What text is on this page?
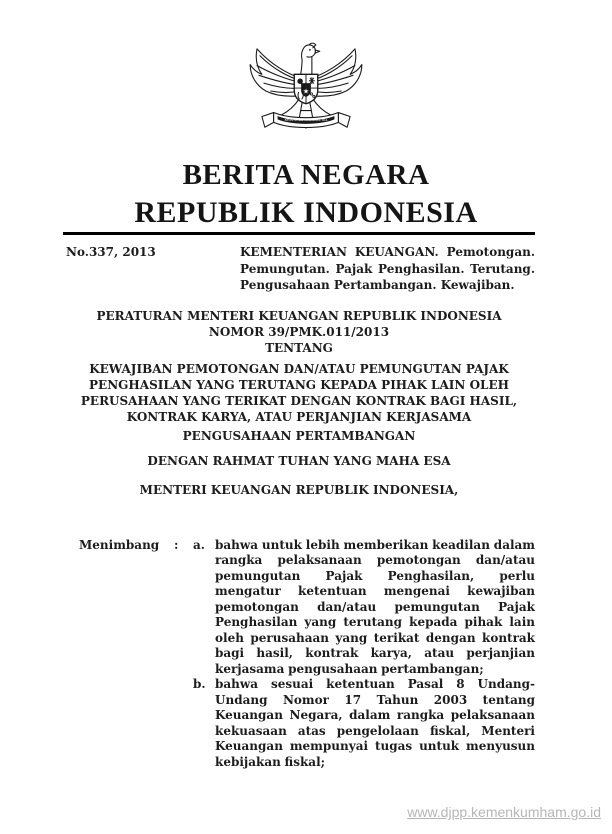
BHINNEKA TUNGGAL IKA
★
BERITA NEGARA
REPUBLIK INDONESIA
No.337, 2013	KEMENTERIAN KEUANGAN. Pemotongan. Pemungutan. Pajak Penghasilan. Terutang. Pengusahaan Pertambangan. Kewajiban.
PERATURAN MENTERI KEUANGAN REPUBLIK INDONESIA
NOMOR 39/PMK.011/2013
TENTANG
KEWAJIBAN PEMOTONGAN DAN/ATAU PEMUNGUTAN PAJAK
PENGHASILAN YANG TERUTANG KEPADA PIHAK LAIN OLEH
PERUSAHAAN YANG TERIKAT DENGAN KONTRAK BAGI HASIL,
KONTRAK KARYA, ATAU PERJANJIAN KERJASAMA
PENGUSAHAAN PERTAMBANGAN
DENGAN RAHMAT TUHAN YANG MAHA ESA
MENTERI KEUANGAN REPUBLIK INDONESIA,
Menimbang	:	a. bahwa untuk lebih memberikan keadilan dalam rangka pelaksanaan pemotongan dan/atau pemungutan Pajak Penghasilan, perlu mengatur ketentuan mengenai kewajiban pemotongan dan/atau pemungutan Pajak Penghasilan yang terutang kepada pihak lain oleh perusahaan yang terikat dengan kontrak bagi hasil, kontrak karya, atau perjanjian kerjasama pengusahaan pertambangan;
b. bahwa sesuai ketentuan Pasal 8 Undang-Undang Nomor 17 Tahun 2003 tentang Keuangan Negara, dalam rangka pelaksanaan kekuasaan atas pengelolaan fiskal, Menteri Keuangan mempunyai tugas untuk menyusun kebijakan fiskal;
www.djpp.kemenkumham.go.id
